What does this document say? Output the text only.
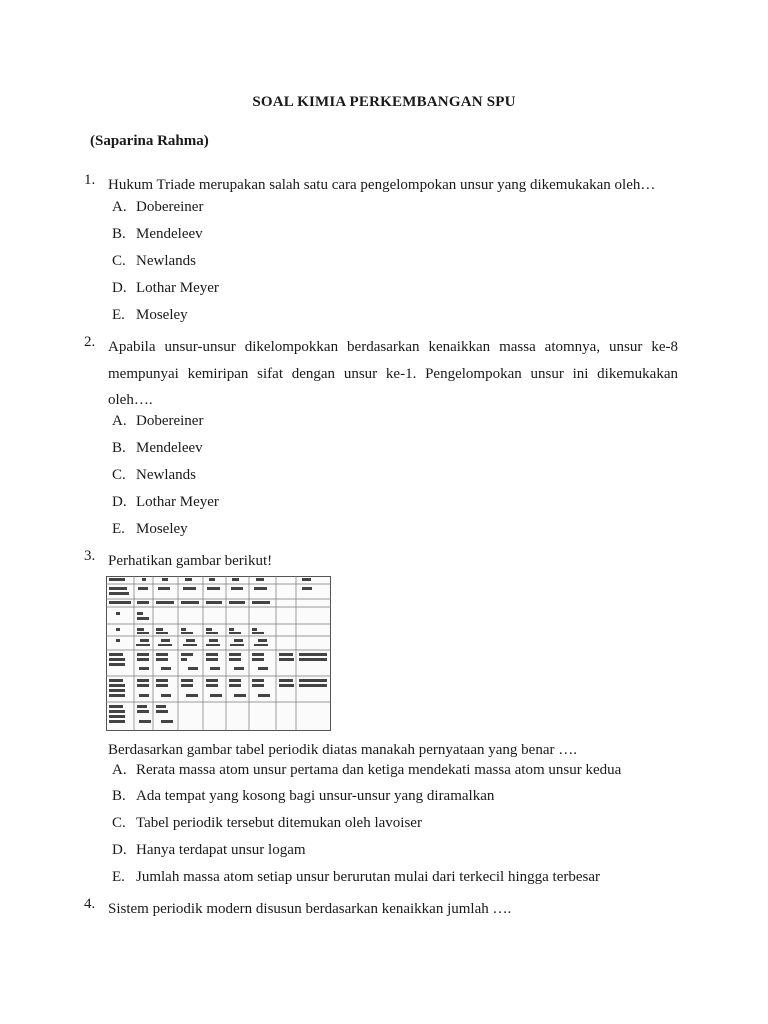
SOAL KIMIA PERKEMBANGAN SPU
(Saparina Rahma)
1. Hukum Triade merupakan salah satu cara pengelompokan unsur yang dikemukakan oleh…
A. Dobereiner
B. Mendeleev
C. Newlands
D. Lothar Meyer
E. Moseley
2. Apabila unsur-unsur dikelompokkan berdasarkan kenaikkan massa atomnya, unsur ke-8 mempunyai kemiripan sifat dengan unsur ke-1. Pengelompokan unsur ini dikemukakan oleh….
A. Dobereiner
B. Mendeleev
C. Newlands
D. Lothar Meyer
E. Moseley
3. Perhatikan gambar berikut!
Berdasarkan gambar tabel periodik diatas manakah pernyataan yang benar ….
A. Rerata massa atom unsur pertama dan ketiga mendekati massa atom unsur kedua
B. Ada tempat yang kosong bagi unsur-unsur yang diramalkan
C. Tabel periodik tersebut ditemukan oleh lavoiser
D. Hanya terdapat unsur logam
E. Jumlah massa atom setiap unsur berurutan mulai dari terkecil hingga terbesar
4. Sistem periodik modern disusun berdasarkan kenaikkan jumlah ….
